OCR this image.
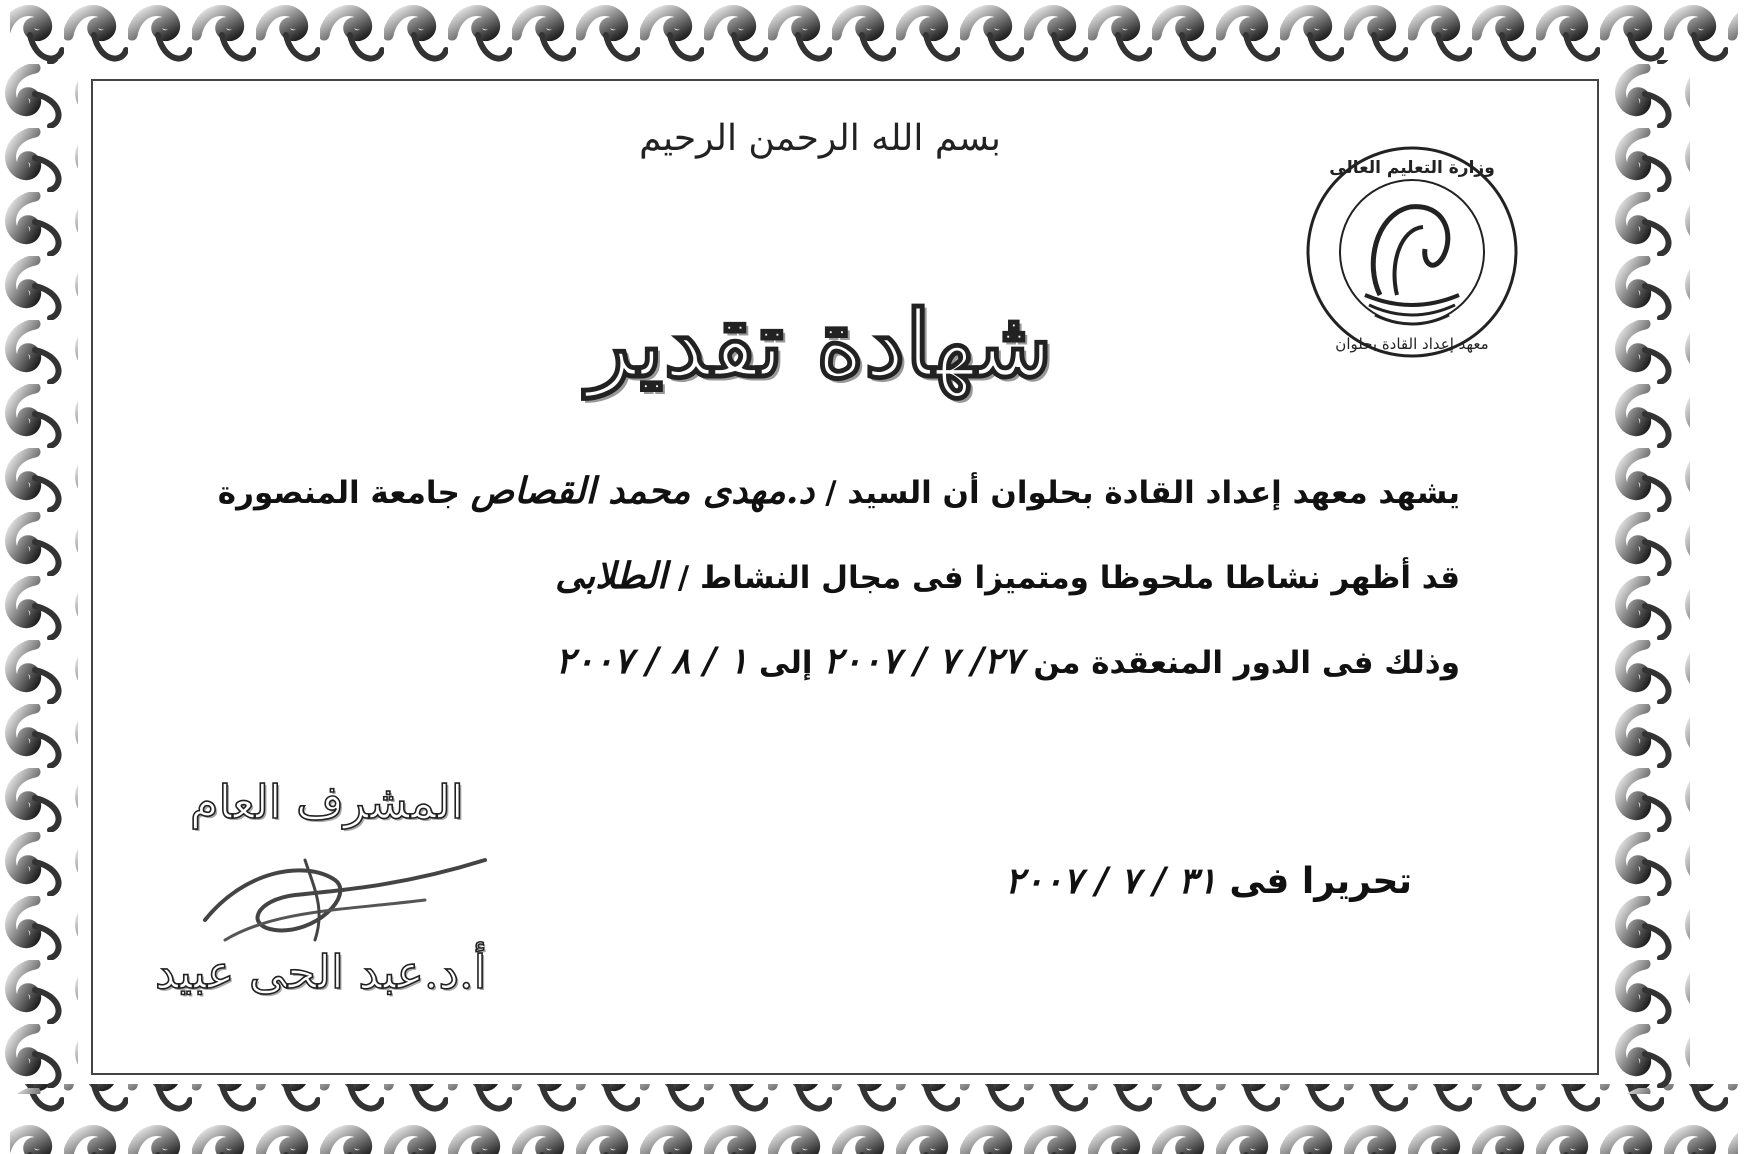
بسم الله الرحمن الرحيم
وزارة التعليم العالى
معهد إعداد القادة بحلوان
شهادة تقدير
يشهد معهد إعداد القادة بحلوان أن السيد / د.مهدى محمد القصاص جامعة المنصورة
قد أظهر نشاطا ملحوظا ومتميزا فى مجال النشاط / الطلابى
وذلك فى الدور المنعقدة من ٢٧/ ٧ / ٢٠٠٧ إلى ١ / ٨ / ٢٠٠٧
تحريرا فى ٣١ / ٧ / ٢٠٠٧
المشرف العام
أ.د.عبد الحى عبيد
